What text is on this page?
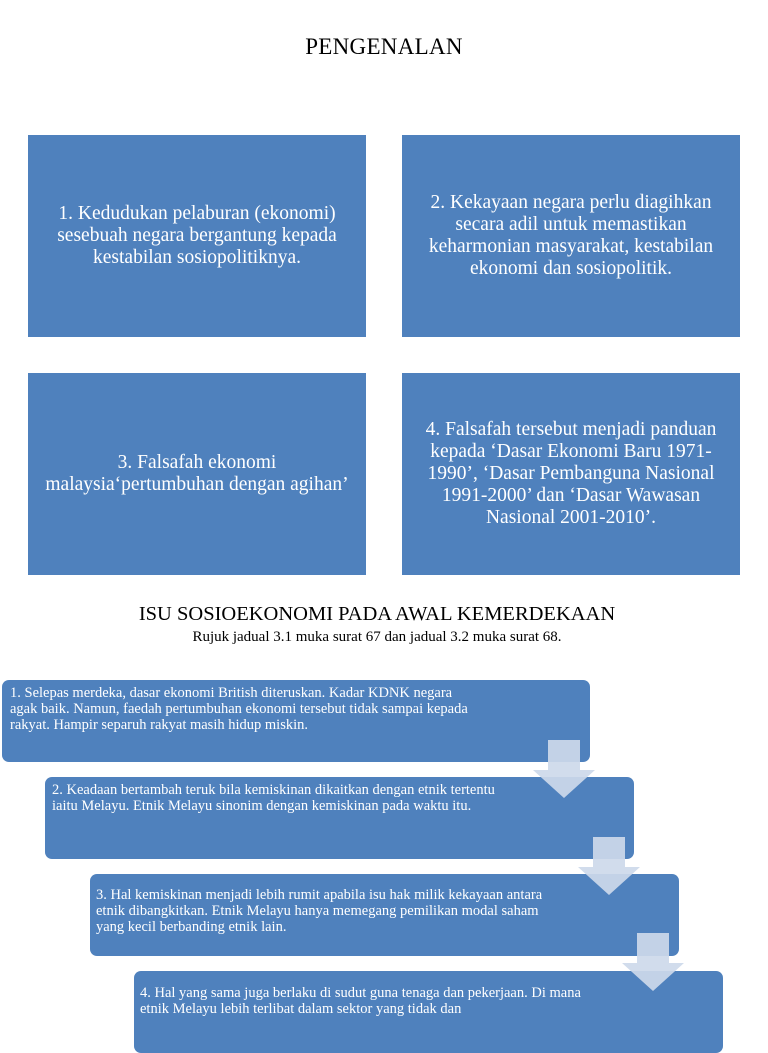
PENGENALAN
1. Kedudukan pelaburan (ekonomi) sesebuah negara bergantung kepada kestabilan sosiopolitiknya.
2. Kekayaan negara perlu diagihkan secara adil untuk memastikan keharmonian masyarakat, kestabilan ekonomi dan sosiopolitik.
3. Falsafah ekonomi malaysia‘pertumbuhan dengan agihan’
4. Falsafah tersebut menjadi panduan kepada ‘Dasar Ekonomi Baru 1971-1990’, ‘Dasar Pembanguna Nasional 1991-2000’ dan ‘Dasar Wawasan Nasional 2001-2010’.
ISU SOSIOEKONOMI PADA AWAL KEMERDEKAAN
Rujuk jadual 3.1 muka surat 67 dan jadual 3.2 muka surat 68.
1. Selepas merdeka, dasar ekonomi British diteruskan. Kadar KDNK negara agak baik. Namun, faedah pertumbuhan ekonomi tersebut tidak sampai kepada rakyat. Hampir separuh rakyat masih hidup miskin.
2. Keadaan bertambah teruk bila kemiskinan dikaitkan dengan etnik tertentu iaitu Melayu. Etnik Melayu sinonim dengan kemiskinan pada waktu itu.
3. Hal kemiskinan menjadi lebih rumit apabila isu hak milik kekayaan antara etnik dibangkitkan. Etnik Melayu hanya memegang pemilikan modal saham yang kecil berbanding etnik lain.
4. Hal yang sama juga berlaku di sudut guna tenaga dan pekerjaan. Di mana etnik Melayu lebih terlibat dalam sektor yang tidak dan
